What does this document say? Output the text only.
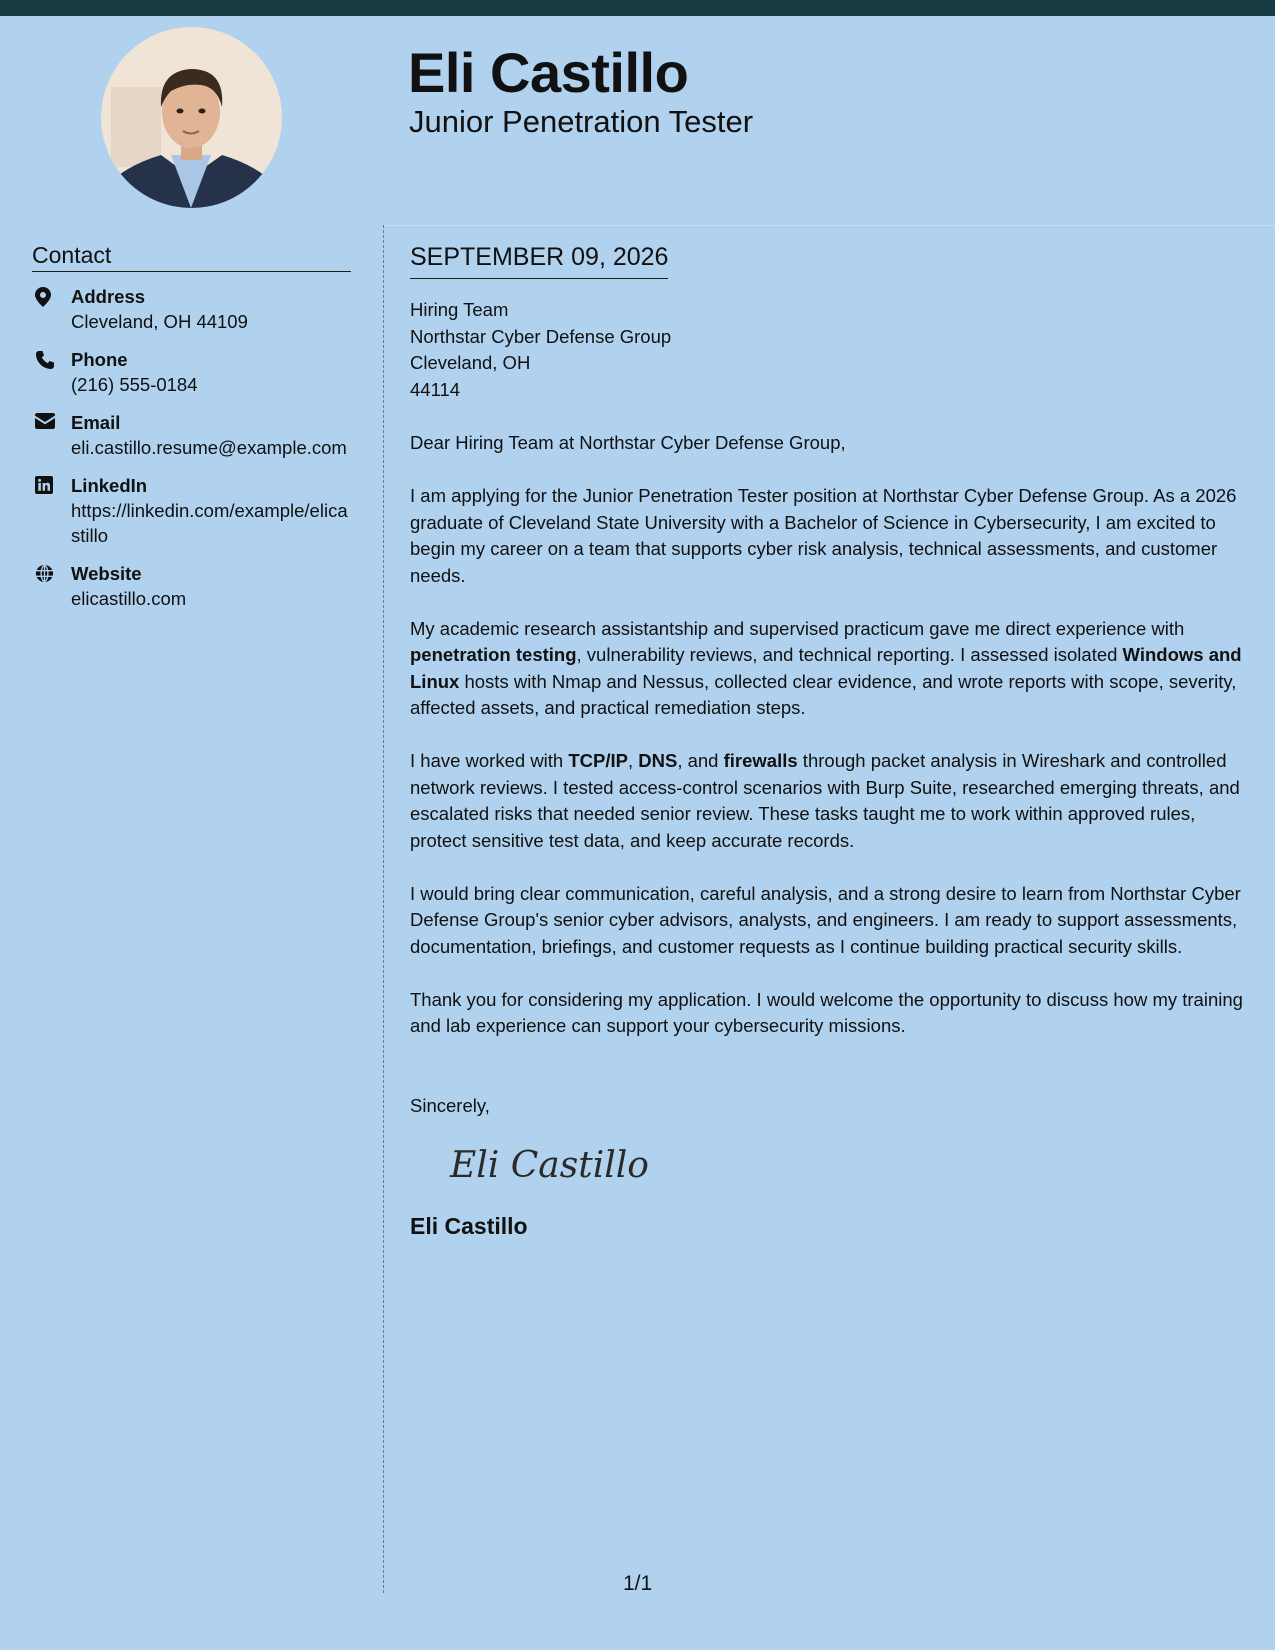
Eli Castillo
Junior Penetration Tester
Contact
Address
Cleveland, OH 44109
Phone
(216) 555-0184
Email
eli.castillo.resume@example.com
LinkedIn
https://linkedin.com/example/elicastillo
Website
elicastillo.com
SEPTEMBER 09, 2026
Hiring Team
Northstar Cyber Defense Group
Cleveland, OH
44114

Dear Hiring Team at Northstar Cyber Defense Group,

I am applying for the Junior Penetration Tester position at Northstar Cyber Defense Group. As a 2026 graduate of Cleveland State University with a Bachelor of Science in Cybersecurity, I am excited to begin my career on a team that supports cyber risk analysis, technical assessments, and customer needs.

My academic research assistantship and supervised practicum gave me direct experience with penetration testing, vulnerability reviews, and technical reporting. I assessed isolated Windows and Linux hosts with Nmap and Nessus, collected clear evidence, and wrote reports with scope, severity, affected assets, and practical remediation steps.

I have worked with TCP/IP, DNS, and firewalls through packet analysis in Wireshark and controlled network reviews. I tested access-control scenarios with Burp Suite, researched emerging threats, and escalated risks that needed senior review. These tasks taught me to work within approved rules, protect sensitive test data, and keep accurate records.

I would bring clear communication, careful analysis, and a strong desire to learn from Northstar Cyber Defense Group's senior cyber advisors, analysts, and engineers. I am ready to support assessments, documentation, briefings, and customer requests as I continue building practical security skills.

Thank you for considering my application. I would welcome the opportunity to discuss how my training and lab experience can support your cybersecurity missions.

Sincerely,

Eli Castillo
Eli Castillo
1/1
